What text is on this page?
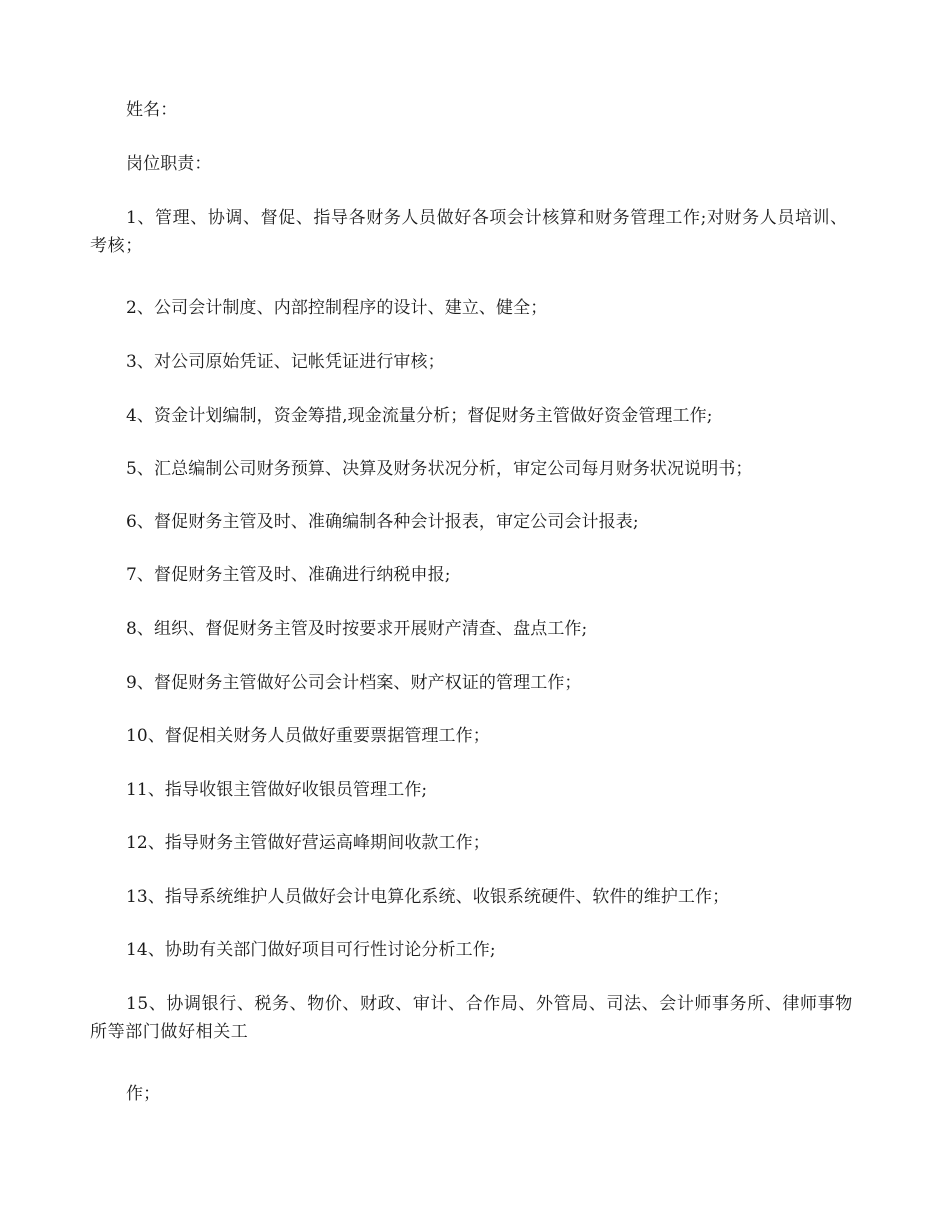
姓名：

岗位职责：

1、管理、协调、督促、指导各财务人员做好各项会计核算和财务管理工作;对财务人员培训、考核；

2、公司会计制度、内部控制程序的设计、建立、健全；

3、对公司原始凭证、记帐凭证进行审核；

4、资金计划编制，资金筹措,现金流量分析；督促财务主管做好资金管理工作;

5、汇总编制公司财务预算、决算及财务状况分析，审定公司每月财务状况说明书；

6、督促财务主管及时、准确编制各种会计报表，审定公司会计报表;

7、督促财务主管及时、准确进行纳税申报;

8、组织、督促财务主管及时按要求开展财产清查、盘点工作;

9、督促财务主管做好公司会计档案、财产权证的管理工作；

10、督促相关财务人员做好重要票据管理工作；

11、指导收银主管做好收银员管理工作;

12、指导财务主管做好营运高峰期间收款工作；

13、指导系统维护人员做好会计电算化系统、收银系统硬件、软件的维护工作；

14、协助有关部门做好项目可行性讨论分析工作;

15、协调银行、税务、物价、财政、审计、合作局、外管局、司法、会计师事务所、律师事物所等部门做好相关工

作；
